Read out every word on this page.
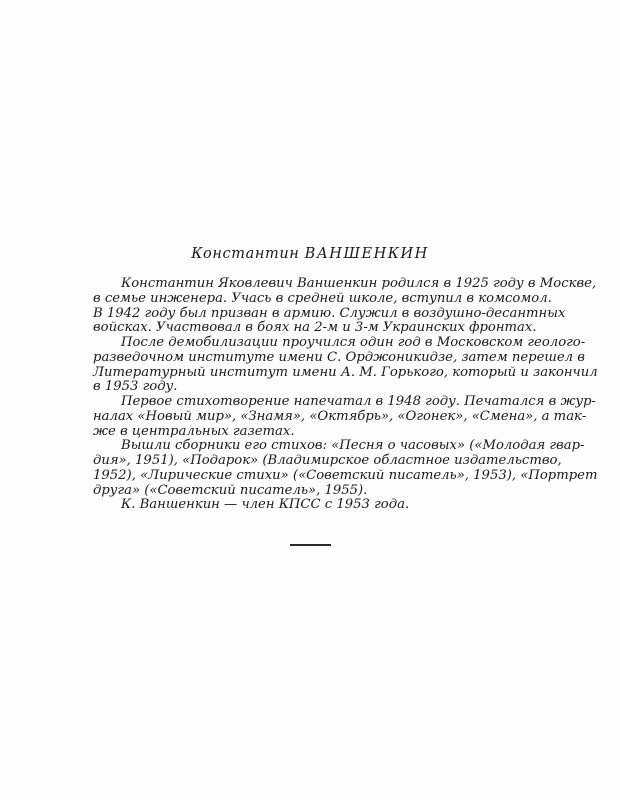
Константин ВАНШЕНКИН
Константин Яковлевич Ваншенкин родился в 1925 году в Москве,
в семье инженера. Учась в средней школе, вступил в комсомол.
В 1942 году был призван в армию. Служил в воздушно-десантных
войсках. Участвовал в боях на 2-м и 3-м Украинских фронтах.
После демобилизации проучился один год в Московском геолого-
разведочном институте имени С. Орджоникидзе, затем перешел в
Литературный институт имени А. М. Горького, который и закончил
в 1953 году.
Первое стихотворение напечатал в 1948 году. Печатался в жур-
налах «Новый мир», «Знамя», «Октябрь», «Огонек», «Смена», а так-
же в центральных газетах.
Вышли сборники его стихов: «Песня о часовых» («Молодая гвар-
дия», 1951), «Подарок» (Владимирское областное издательство,
1952), «Лирические стихи» («Советский писатель», 1953), «Портрет
друга» («Советский писатель», 1955).
К. Ваншенкин — член КПСС с 1953 года.
